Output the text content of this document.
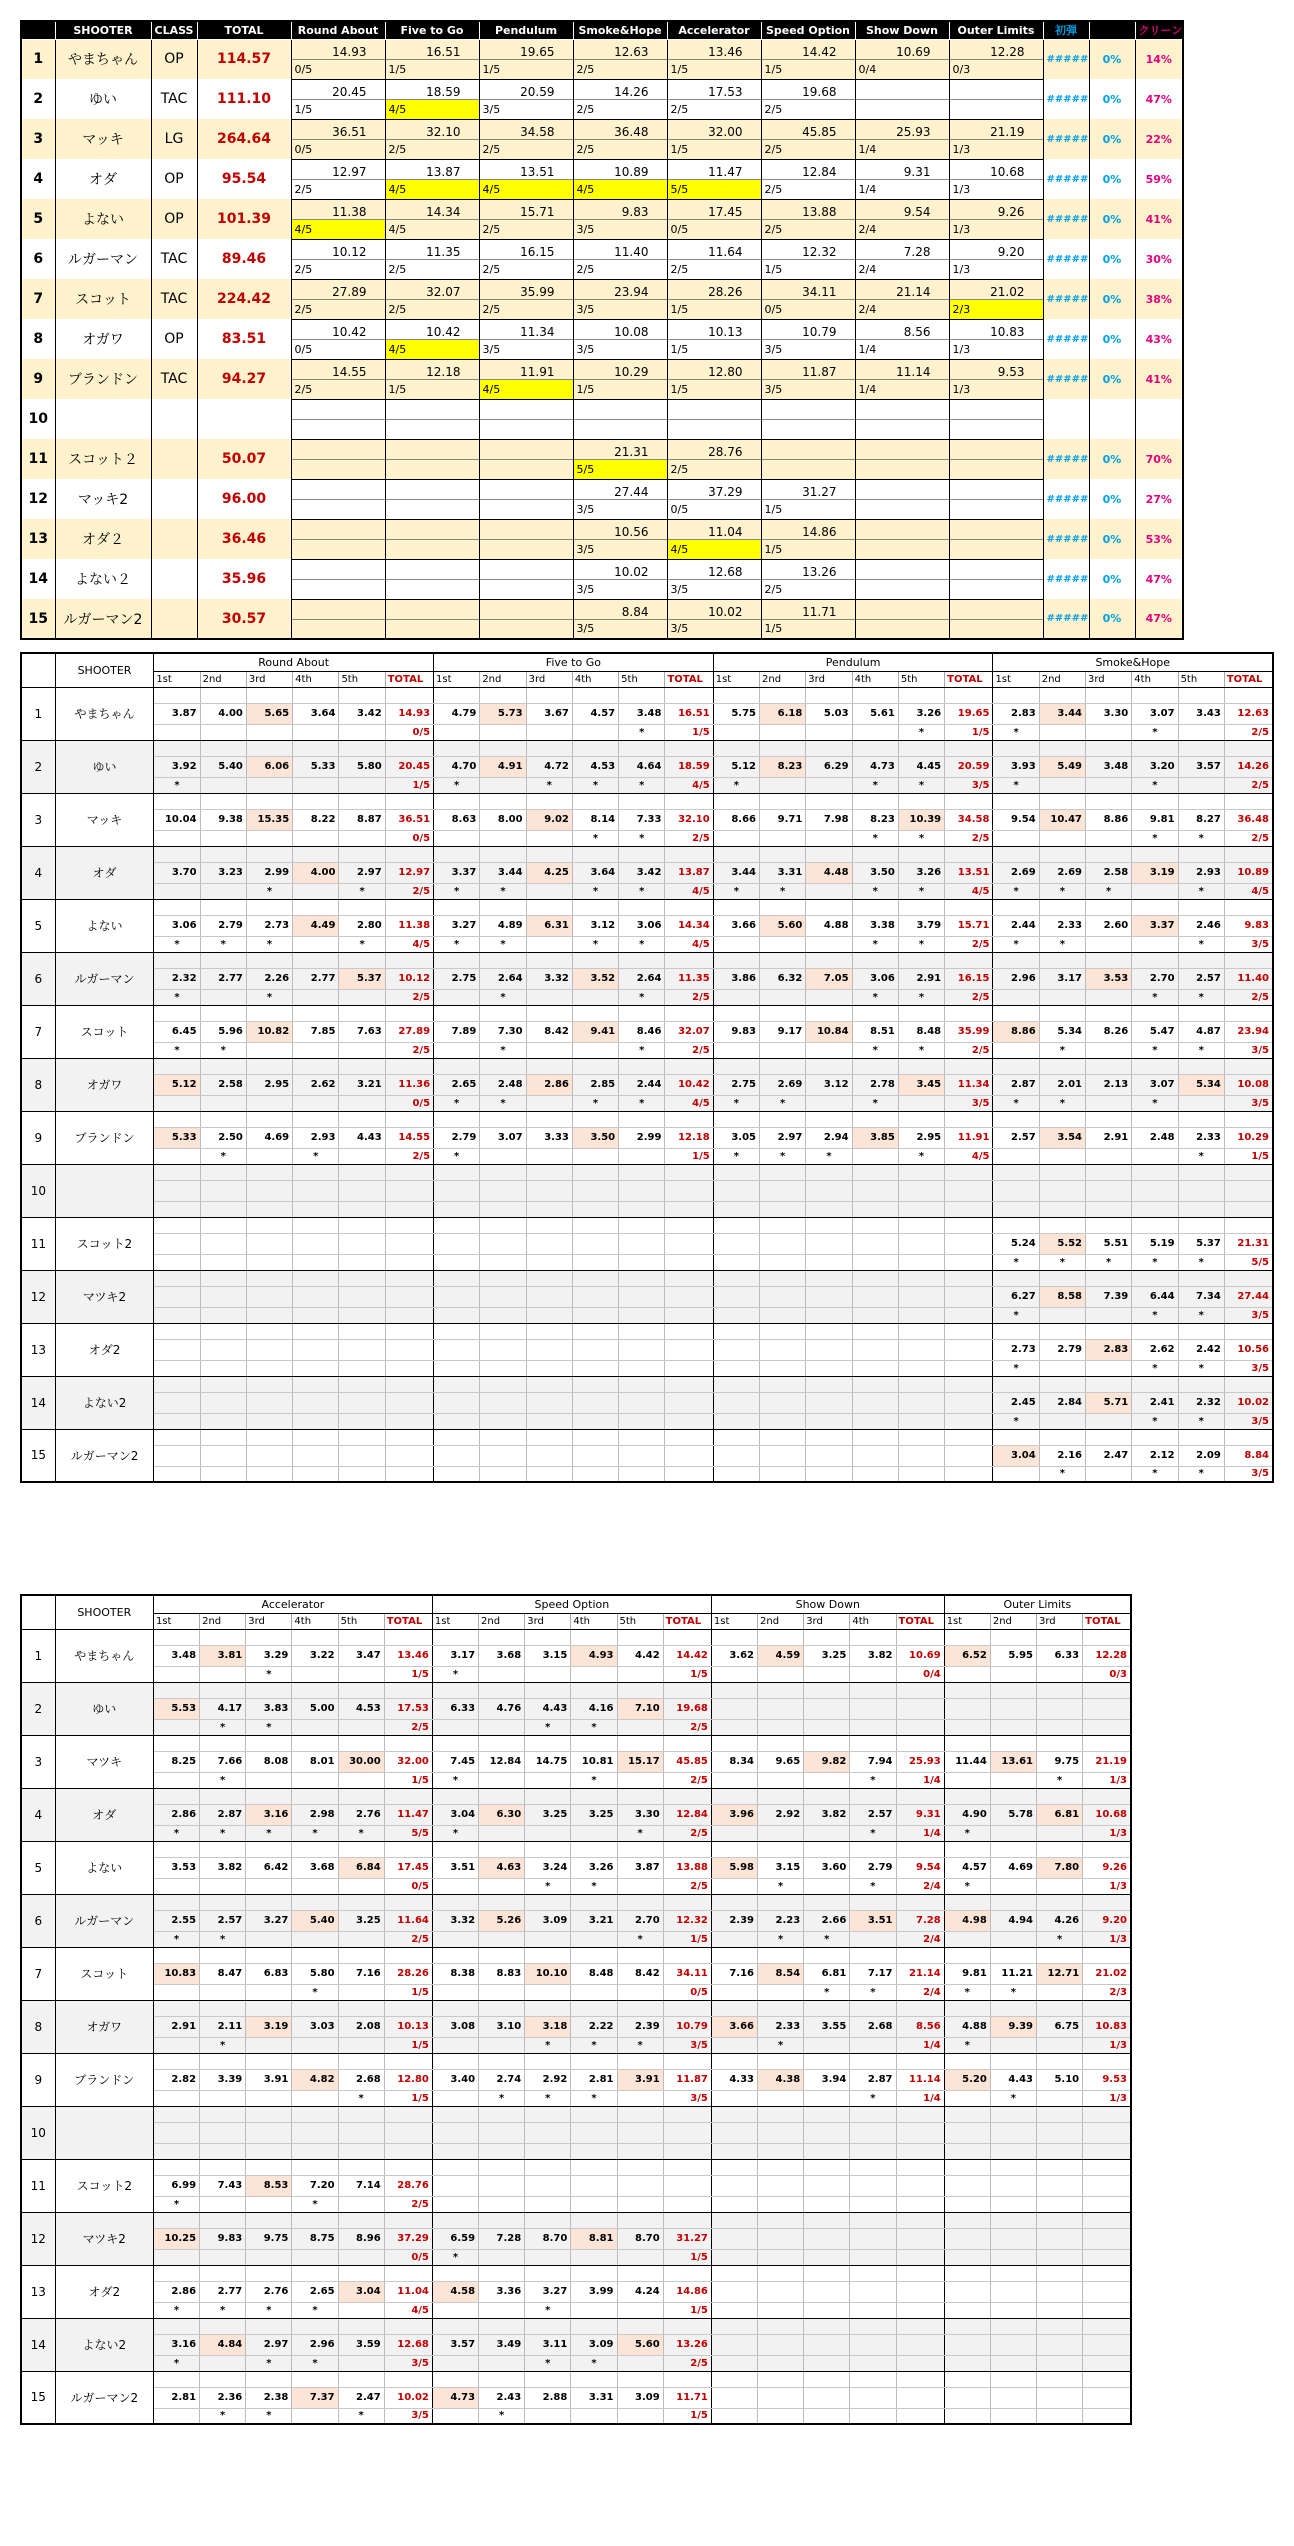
	SHOOTER	CLASS	TOTAL	Round About	Five to Go	Pendulum	Smoke&Hope	Accelerator	Speed Option	Show Down	Outer Limits	初弾		クリーン
1	やまちゃん	OP	114.57	14.93	16.51	19.65	12.63	13.46	14.42	10.69	12.28	#####	0%	14%
				0/5	1/5	1/5	2/5	1/5	1/5	0/4	0/3			
2	ゆい	TAC	111.10	20.45	18.59	20.59	14.26	17.53	19.68			#####	0%	47%
				1/5	4/5	3/5	2/5	2/5	2/5					
3	マッキ	LG	264.64	36.51	32.10	34.58	36.48	32.00	45.85	25.93	21.19	#####	0%	22%
				0/5	2/5	2/5	2/5	1/5	2/5	1/4	1/3			
4	オダ	OP	95.54	12.97	13.87	13.51	10.89	11.47	12.84	9.31	10.68	#####	0%	59%
				2/5	4/5	4/5	4/5	5/5	2/5	1/4	1/3			
5	よない	OP	101.39	11.38	14.34	15.71	9.83	17.45	13.88	9.54	9.26	#####	0%	41%
				4/5	4/5	2/5	3/5	0/5	2/5	2/4	1/3			
6	ルガーマン	TAC	89.46	10.12	11.35	16.15	11.40	11.64	12.32	7.28	9.20	#####	0%	30%
				2/5	2/5	2/5	2/5	2/5	1/5	2/4	1/3			
7	スコット	TAC	224.42	27.89	32.07	35.99	23.94	28.26	34.11	21.14	21.02	#####	0%	38%
				2/5	2/5	2/5	3/5	1/5	0/5	2/4	2/3			
8	オガワ	OP	83.51	10.42	10.42	11.34	10.08	10.13	10.79	8.56	10.83	#####	0%	43%
				0/5	4/5	3/5	3/5	1/5	3/5	1/4	1/3			
9	ブランドン	TAC	94.27	14.55	12.18	11.91	10.29	12.80	11.87	11.14	9.53	#####	0%	41%
				2/5	1/5	4/5	1/5	1/5	3/5	1/4	1/3			
10														

11	スコット２		50.07				21.31	28.76				#####	0%	70%
							5/5	2/5						
12	マッキ2		96.00				27.44	37.29	31.27			#####	0%	27%
							3/5	0/5	1/5					
13	オダ２		36.46				10.56	11.04	14.86			#####	0%	53%
							3/5	4/5	1/5					
14	よない２		35.96				10.02	12.68	13.26			#####	0%	47%
							3/5	3/5	2/5					
15	ルガーマン2		30.57				8.84	10.02	11.71			#####	0%	47%
							3/5	3/5	1/5					
	SHOOTER	Round About						Five to Go						Pendulum						Smoke&Hope					
		1st	2nd	3rd	4th	5th	TOTAL	1st	2nd	3rd	4th	5th	TOTAL	1st	2nd	3rd	4th	5th	TOTAL	1st	2nd	3rd	4th	5th	TOTAL
1	やまちゃん																								
		3.87	4.00	5.65	3.64	3.42	14.93	4.79	5.73	3.67	4.57	3.48	16.51	5.75	6.18	5.03	5.61	3.26	19.65	2.83	3.44	3.30	3.07	3.43	12.63
							0/5					*	1/5					*	1/5	*			*		2/5
2	ゆい																								
		3.92	5.40	6.06	5.33	5.80	20.45	4.70	4.91	4.72	4.53	4.64	18.59	5.12	8.23	6.29	4.73	4.45	20.59	3.93	5.49	3.48	3.20	3.57	14.26
		*					1/5	*		*	*	*	4/5	*			*	*	3/5	*			*		2/5
3	マッキ																								
		10.04	9.38	15.35	8.22	8.87	36.51	8.63	8.00	9.02	8.14	7.33	32.10	8.66	9.71	7.98	8.23	10.39	34.58	9.54	10.47	8.86	9.81	8.27	36.48
							0/5				*	*	2/5				*	*	2/5				*	*	2/5
4	オダ																								
		3.70	3.23	2.99	4.00	2.97	12.97	3.37	3.44	4.25	3.64	3.42	13.87	3.44	3.31	4.48	3.50	3.26	13.51	2.69	2.69	2.58	3.19	2.93	10.89
				*		*	2/5	*	*		*	*	4/5	*	*		*	*	4/5	*	*	*		*	4/5
5	よない																								
		3.06	2.79	2.73	4.49	2.80	11.38	3.27	4.89	6.31	3.12	3.06	14.34	3.66	5.60	4.88	3.38	3.79	15.71	2.44	2.33	2.60	3.37	2.46	9.83
		*	*	*		*	4/5	*	*		*	*	4/5				*	*	2/5	*	*			*	3/5
6	ルガーマン																								
		2.32	2.77	2.26	2.77	5.37	10.12	2.75	2.64	3.32	3.52	2.64	11.35	3.86	6.32	7.05	3.06	2.91	16.15	2.96	3.17	3.53	2.70	2.57	11.40
		*		*			2/5		*			*	2/5				*	*	2/5				*	*	2/5
7	スコット																								
		6.45	5.96	10.82	7.85	7.63	27.89	7.89	7.30	8.42	9.41	8.46	32.07	9.83	9.17	10.84	8.51	8.48	35.99	8.86	5.34	8.26	5.47	4.87	23.94
		*	*				2/5		*			*	2/5				*	*	2/5		*		*	*	3/5
8	オガワ																								
		5.12	2.58	2.95	2.62	3.21	11.36	2.65	2.48	2.86	2.85	2.44	10.42	2.75	2.69	3.12	2.78	3.45	11.34	2.87	2.01	2.13	3.07	5.34	10.08
							0/5	*	*		*	*	4/5	*	*		*		3/5	*	*		*		3/5
9	ブランドン																								
		5.33	2.50	4.69	2.93	4.43	14.55	2.79	3.07	3.33	3.50	2.99	12.18	3.05	2.97	2.94	3.85	2.95	11.91	2.57	3.54	2.91	2.48	2.33	10.29
			*		*		2/5	*					1/5	*	*	*		*	4/5					*	1/5
10																									

11	スコット2																								
																				5.24	5.52	5.51	5.19	5.37	21.31
																				*	*	*	*	*	5/5
12	マツキ2																								
																				6.27	8.58	7.39	6.44	7.34	27.44
																				*			*	*	3/5
13	オダ2																								
																				2.73	2.79	2.83	2.62	2.42	10.56
																				*			*	*	3/5
14	よない2																								
																				2.45	2.84	5.71	2.41	2.32	10.02
																				*			*	*	3/5
15	ルガーマン2																								
																				3.04	2.16	2.47	2.12	2.09	8.84
																					*		*	*	3/5
	SHOOTER	Accelerator						Speed Option						Show Down					Outer Limits			
		1st	2nd	3rd	4th	5th	TOTAL	1st	2nd	3rd	4th	5th	TOTAL	1st	2nd	3rd	4th	TOTAL	1st	2nd	3rd	TOTAL
1	やまちゃん																					
		3.48	3.81	3.29	3.22	3.47	13.46	3.17	3.68	3.15	4.93	4.42	14.42	3.62	4.59	3.25	3.82	10.69	6.52	5.95	6.33	12.28
				*			1/5	*					1/5					0/4				0/3
2	ゆい																					
		5.53	4.17	3.83	5.00	4.53	17.53	6.33	4.76	4.43	4.16	7.10	19.68									
			*	*			2/5			*	*		2/5									
3	マツキ																					
		8.25	7.66	8.08	8.01	30.00	32.00	7.45	12.84	14.75	10.81	15.17	45.85	8.34	9.65	9.82	7.94	25.93	11.44	13.61	9.75	21.19
			*				1/5	*			*		2/5				*	1/4			*	1/3
4	オダ																					
		2.86	2.87	3.16	2.98	2.76	11.47	3.04	6.30	3.25	3.25	3.30	12.84	3.96	2.92	3.82	2.57	9.31	4.90	5.78	6.81	10.68
		*	*	*	*	*	5/5	*				*	2/5				*	1/4	*			1/3
5	よない																					
		3.53	3.82	6.42	3.68	6.84	17.45	3.51	4.63	3.24	3.26	3.87	13.88	5.98	3.15	3.60	2.79	9.54	4.57	4.69	7.80	9.26
							0/5			*	*		2/5		*		*	2/4	*			1/3
6	ルガーマン																					
		2.55	2.57	3.27	5.40	3.25	11.64	3.32	5.26	3.09	3.21	2.70	12.32	2.39	2.23	2.66	3.51	7.28	4.98	4.94	4.26	9.20
		*	*				2/5					*	1/5		*	*		2/4			*	1/3
7	スコット																					
		10.83	8.47	6.83	5.80	7.16	28.26	8.38	8.83	10.10	8.48	8.42	34.11	7.16	8.54	6.81	7.17	21.14	9.81	11.21	12.71	21.02
					*		1/5						0/5			*	*	2/4	*	*		2/3
8	オガワ																					
		2.91	2.11	3.19	3.03	2.08	10.13	3.08	3.10	3.18	2.22	2.39	10.79	3.66	2.33	3.55	2.68	8.56	4.88	9.39	6.75	10.83
			*				1/5			*	*	*	3/5		*			1/4	*			1/3
9	ブランドン																					
		2.82	3.39	3.91	4.82	2.68	12.80	3.40	2.74	2.92	2.81	3.91	11.87	4.33	4.38	3.94	2.87	11.14	5.20	4.43	5.10	9.53
						*	1/5		*	*	*		3/5				*	1/4		*		1/3
10																						

11	スコット2																					
		6.99	7.43	8.53	7.20	7.14	28.76															
		*			*		2/5															
12	マツキ2																					
		10.25	9.83	9.75	8.75	8.96	37.29	6.59	7.28	8.70	8.81	8.70	31.27									
							0/5	*					1/5									
13	オダ2																					
		2.86	2.77	2.76	2.65	3.04	11.04	4.58	3.36	3.27	3.99	4.24	14.86									
		*	*	*	*		4/5			*			1/5									
14	よない2																					
		3.16	4.84	2.97	2.96	3.59	12.68	3.57	3.49	3.11	3.09	5.60	13.26									
		*		*	*		3/5			*	*		2/5									
15	ルガーマン2																					
		2.81	2.36	2.38	7.37	2.47	10.02	4.73	2.43	2.88	3.31	3.09	11.71									
			*	*		*	3/5		*				1/5									
